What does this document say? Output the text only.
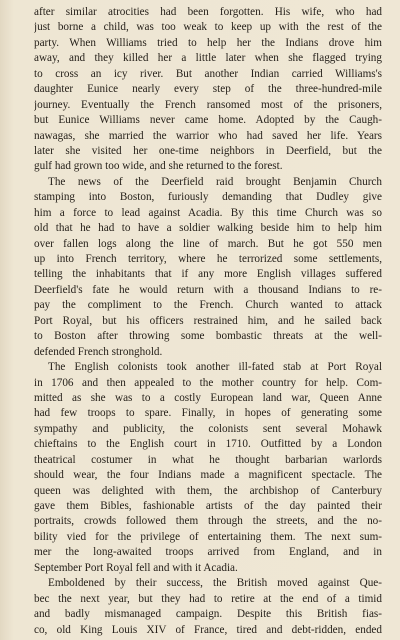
after similar atrocities had been forgotten. His wife, who had
just borne a child, was too weak to keep up with the rest of the
party. When Williams tried to help her the Indians drove him
away, and they killed her a little later when she flagged trying
to cross an icy river. But another Indian carried Williams's
daughter Eunice nearly every step of the three-hundred-mile
journey. Eventually the French ransomed most of the prisoners,
but Eunice Williams never came home. Adopted by the Caugh-
nawagas, she married the warrior who had saved her life. Years
later she visited her one-time neighbors in Deerfield, but the
gulf had grown too wide, and she returned to the forest.
The news of the Deerfield raid brought Benjamin Church
stamping into Boston, furiously demanding that Dudley give
him a force to lead against Acadia. By this time Church was so
old that he had to have a soldier walking beside him to help him
over fallen logs along the line of march. But he got 550 men
up into French territory, where he terrorized some settlements,
telling the inhabitants that if any more English villages suffered
Deerfield's fate he would return with a thousand Indians to re-
pay the compliment to the French. Church wanted to attack
Port Royal, but his officers restrained him, and he sailed back
to Boston after throwing some bombastic threats at the well-
defended French stronghold.
The English colonists took another ill-fated stab at Port Royal
in 1706 and then appealed to the mother country for help. Com-
mitted as she was to a costly European land war, Queen Anne
had few troops to spare. Finally, in hopes of generating some
sympathy and publicity, the colonists sent several Mohawk
chieftains to the English court in 1710. Outfitted by a London
theatrical costumer in what he thought barbarian warlords
should wear, the four Indians made a magnificent spectacle. The
queen was delighted with them, the archbishop of Canterbury
gave them Bibles, fashionable artists of the day painted their
portraits, crowds followed them through the streets, and the no-
bility vied for the privilege of entertaining them. The next sum-
mer the long-awaited troops arrived from England, and in
September Port Royal fell and with it Acadia.
Emboldened by their success, the British moved against Que-
bec the next year, but they had to retire at the end of a timid
and badly mismanaged campaign. Despite this British fias-
co, old King Louis XIV of France, tired and debt-ridden, ended
